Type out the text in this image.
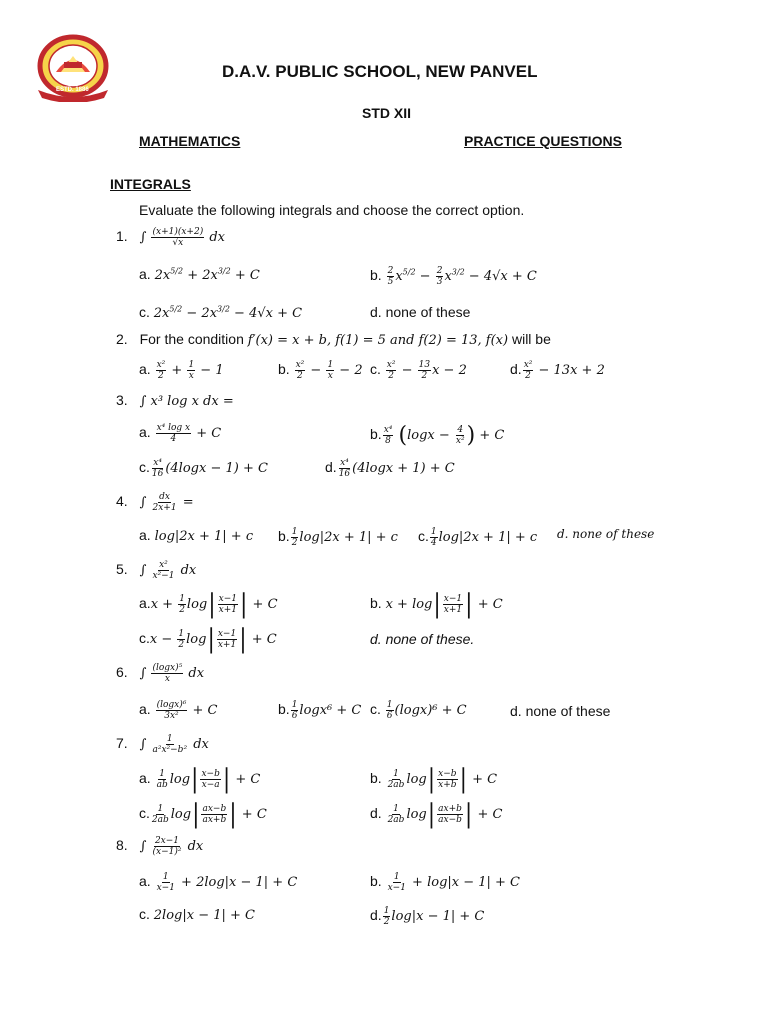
ESTD. 1886
D.A.V. PUBLIC SCHOOL, NEW PANVEL
STD XII
MATHEMATICS	PRACTICE QUESTIONS
INTEGRALS
Evaluate the following integrals and choose the correct option.
1. ∫ $\frac{(x+1)(x+2)}{√x}$ dx
a. $2x^{5/2} + 2x^{3/2} + C$	b. $\frac{2}{5} x^{5/2} - \frac{2}{3} x^{3/2} - 4√x + C$
c. $2x^{5/2} - 2x^{3/2} - 4√x + C$	d. none of these
2. For the condition f′(x) = x + b, f(1) = 5 and f(2) = 13, f(x) will be
a. $\frac{\text{x²}}{2} + \frac{1}{x} - 1$	b. $\frac{\text{x²}}{2} - \frac{1}{x} - 2$ c. $\frac{\text{x²}}{2} - \frac{13}{2}$ x − 2	d. $\frac{\text{x²}}{2} - 13x + 2$
3. ∫ x³ log x dx =
a. $\frac{\text{x⁴ log x}}{4} + C$	b. $\frac{\text{x⁴}}{8} (\log x - \frac{4}{\text{x²}}$ ) + C
c. $\frac{\text{x⁴}}{16} (4\log x - 1) + C$	d. $\frac{\text{x⁴}}{16} (4\log x + 1) + C$
4. ∫ $\frac{dx}{2x+1}$ =
a. log|2x + 1| + c b. $\frac{1}{2} \log|2x + 1| + c$ c. $\frac{1}{4} \log|2x + 1| + c$ d. none of these
5. ∫ $\frac{\text{x²}}{\text{x²−1}}$ dx
$a.x + \frac{1}{2} \log| \frac{x-1}{x+1}$ | + C	b. $x + \log| \frac{x-1}{x+1}$ | + C
$c.x - \frac{1}{2} \log| \frac{x-1}{x+1}$ | + C	d. none of these.
6. ∫ $\frac{\text{(logx)⁵}}{x}$ dx
a. $\frac{\text{(logx)⁶}}{\text{3x²}} + C$	b. $\frac{1}{6} \log x^6 + C$ c. $\frac{1}{6} (\log x)^6 + C$	d. none of these
7. ∫ $\frac{1}{\text{a²x²−b²}}$ dx
a. $\frac{1}{ab} \log| \frac{x-b}{x-a}$ | + C	b. $\frac{1}{2ab} \log| \frac{x-b}{x+b}$ | + C
c. $\frac{1}{2ab} \log| \frac{ax-b}{ax+b}$ | + C	d. $\frac{1}{2ab} \log| \frac{ax+b}{ax-b}$ | + C
8. ∫ $\frac{2x-1}{\text{(x−1)²}}$ dx
a. $\frac{1}{x-1} + 2\log|x - 1| + C$	b. $\frac{1}{x-1} + \log|x - 1| + C$
c. 2log|x − 1| + C	d. $\frac{1}{2} \log|x - 1| + C$
